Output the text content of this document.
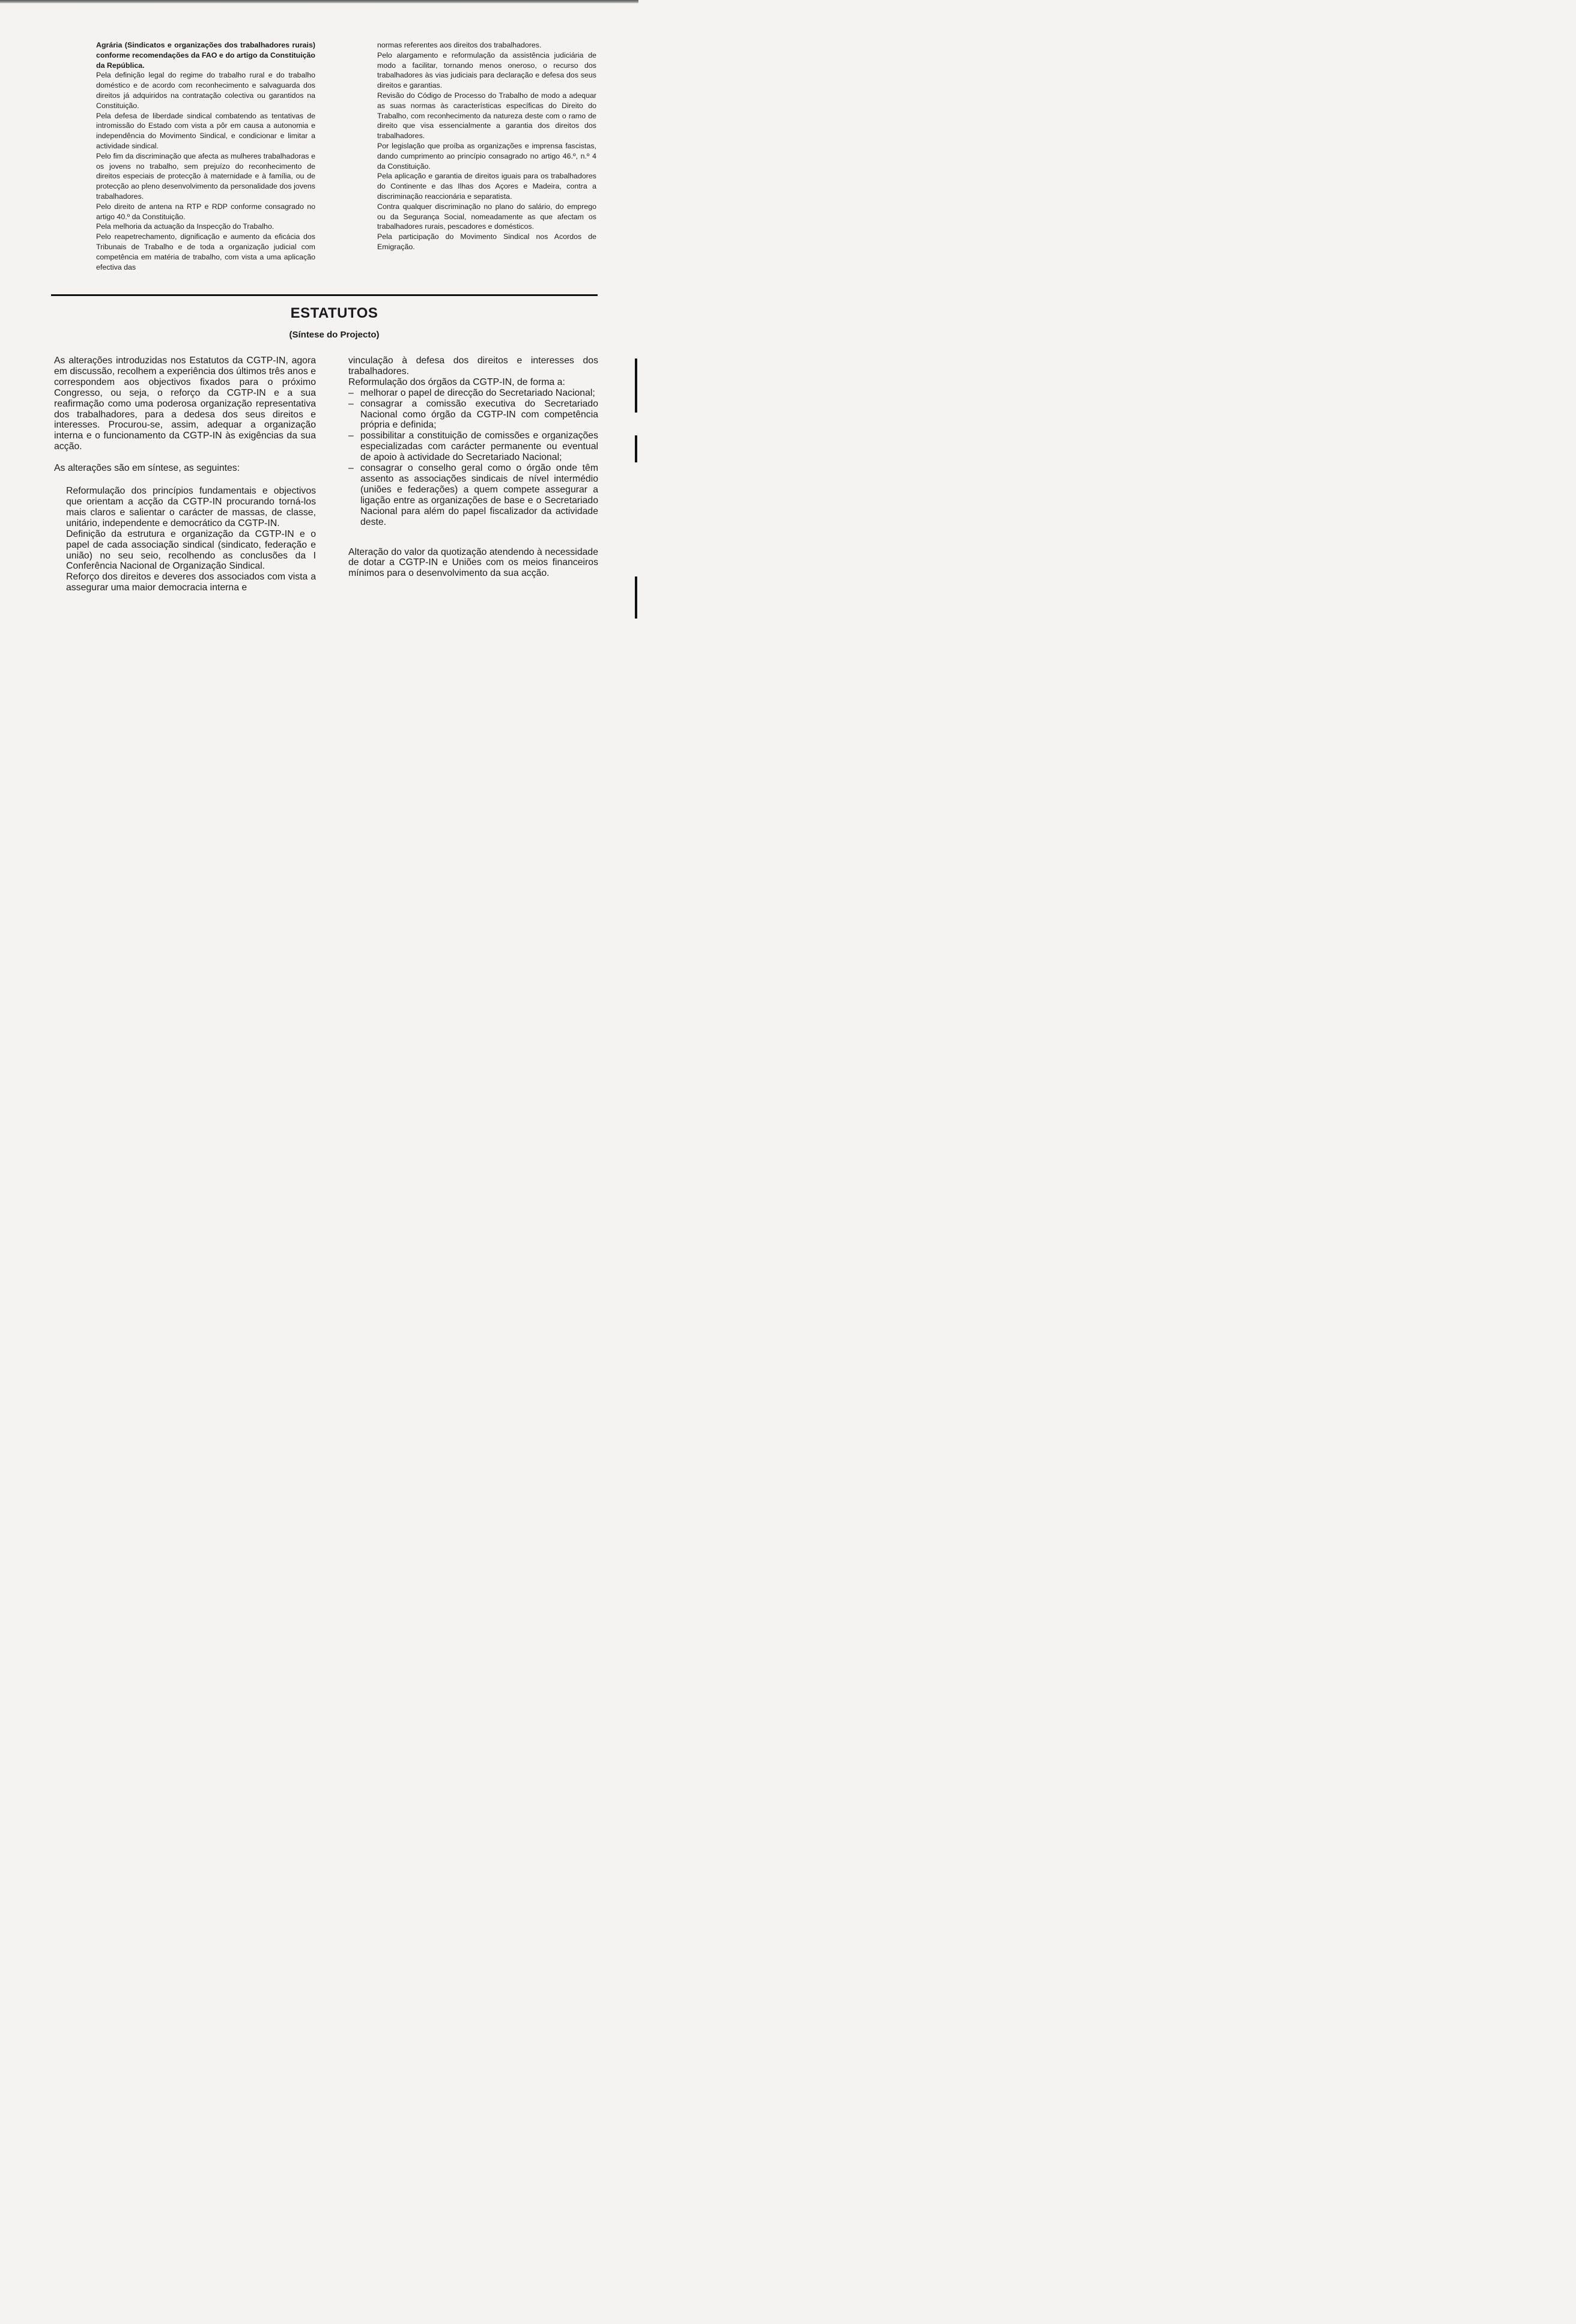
Agrária (Sindicatos e organizações dos trabalhadores rurais) conforme recomendações da FAO e do artigo da Constituição da República.

Pela definição legal do regime do trabalho rural e do trabalho doméstico e de acordo com reconhecimento e salvaguarda dos direitos já adquiridos na contratação colectiva ou garantidos na Constituição.

Pela defesa de liberdade sindical combatendo as tentativas de intromissão do Estado com vista a pôr em causa a autonomia e independência do Movimento Sindical, e condicionar e limitar a actividade sindical.

Pelo fim da discriminação que afecta as mulheres trabalhadoras e os jovens no trabalho, sem prejuízo do reconhecimento de direitos especiais de protecção à maternidade e à família, ou de protecção ao pleno desenvolvimento da personalidade dos jovens trabalhadores.

Pelo direito de antena na RTP e RDP conforme consagrado no artigo 40.º da Constituição.

Pela melhoria da actuação da Inspecção do Trabalho.

Pelo reapetrechamento, dignificação e aumento da eficácia dos Tribunais de Trabalho e de toda a organização judicial com competência em matéria de trabalho, com vista a uma aplicação efectiva das

normas referentes aos direitos dos trabalhadores.

Pelo alargamento e reformulação da assistência judiciária de modo a facilitar, tornando menos oneroso, o recurso dos trabalhadores às vias judiciais para declaração e defesa dos seus direitos e garantias.

Revisão do Código de Processo do Trabalho de modo a adequar as suas normas às características específicas do Direito do Trabalho, com reconhecimento da natureza deste com o ramo de direito que visa essencialmente a garantia dos direitos dos trabalhadores.

Por legislação que proíba as organizações e imprensa fascistas, dando cumprimento ao princípio consagrado no artigo 46.º, n.º 4 da Constituição.

Pela aplicação e garantia de direitos iguais para os trabalhadores do Continente e das Ilhas dos Açores e Madeira, contra a discriminação reaccionária e separatista.

Contra qualquer discriminação no plano do salário, do emprego ou da Segurança Social, nomeadamente as que afectam os trabalhadores rurais, pescadores e domésticos.

Pela participação do Movimento Sindical nos Acordos de Emigração.

ESTATUTOS
(Síntese do Projecto)

As alterações introduzidas nos Estatutos da CGTP-IN, agora em discussão, recolhem a experiência dos últimos três anos e correspondem aos objectivos fixados para o próximo Congresso, ou seja, o reforço da CGTP-IN e a sua reafirmação como uma poderosa organização representativa dos trabalhadores, para a dedesa dos seus direitos e interesses. Procurou-se, assim, adequar a organização interna e o funcionamento da CGTP-IN às exigências da sua acção.

As alterações são em síntese, as seguintes:

Reformulação dos princípios fundamentais e objectivos que orientam a acção da CGTP-IN procurando torná-los mais claros e salientar o carácter de massas, de classe, unitário, independente e democrático da CGTP-IN.

Definição da estrutura e organização da CGTP-IN e o papel de cada associação sindical (sindicato, federação e união) no seu seio, recolhendo as conclusões da I Conferência Nacional de Organização Sindical.

Reforço dos direitos e deveres dos associados com vista a assegurar uma maior democracia interna e

vinculação à defesa dos direitos e interesses dos trabalhadores.

Reformulação dos órgãos da CGTP-IN, de forma a:

– melhorar o papel de direcção do Secretariado Nacional;

– consagrar a comissão executiva do Secretariado Nacional como órgão da CGTP-IN com competência própria e definida;

– possibilitar a constituição de comissões e organizações especializadas com carácter permanente ou eventual de apoio à actividade do Secretariado Nacional;

– consagrar o conselho geral como o órgão onde têm assento as associações sindicais de nível intermédio (uniões e federações) a quem compete assegurar a ligação entre as organizações de base e o Secretariado Nacional para além do papel fiscalizador da actividade deste.

Alteração do valor da quotização atendendo à necessidade de dotar a CGTP-IN e Uniões com os meios financeiros mínimos para o desenvolvimento da sua acção.
